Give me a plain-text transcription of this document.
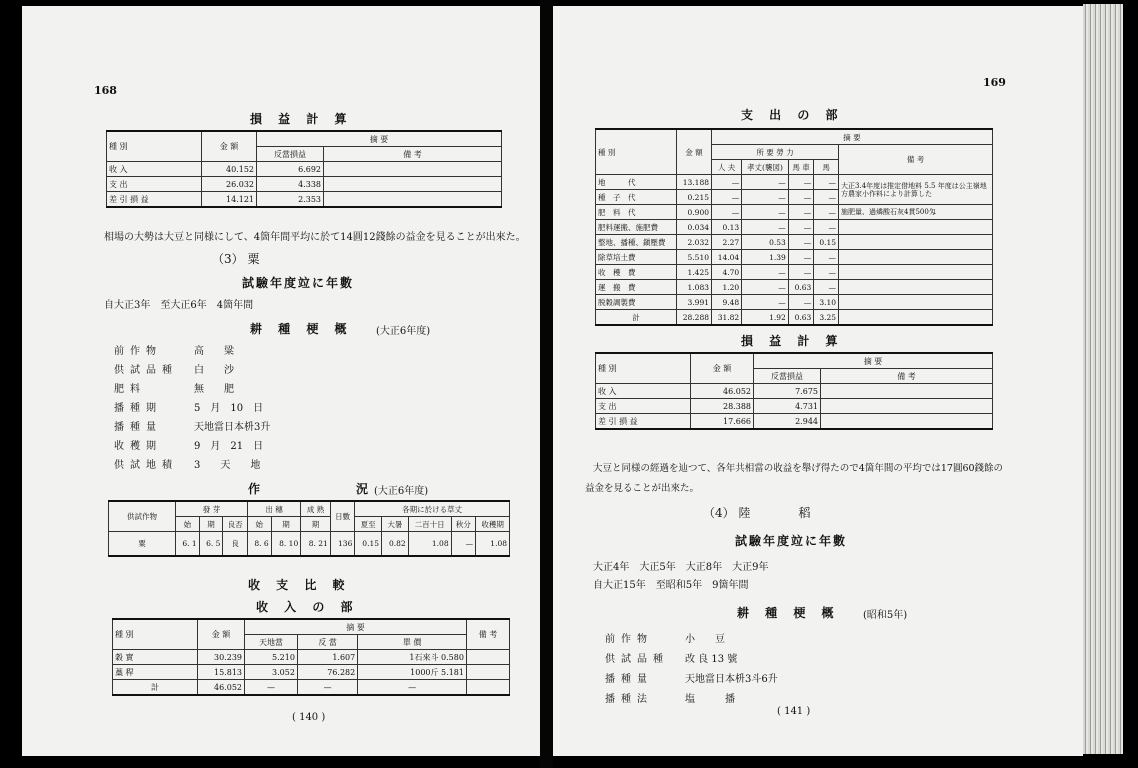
168
損 益 計 算
種 別	金 額	摘 要	
		反當損益	備 考
收 入	40.152	6.692	
支 出	26.032	4.338	
差 引 損 益	14.121	2.353	
相場の大勢は大豆と同様にして、4箇年間平均に於て14圓12錢餘の益金を見ることが出來た。
（3） 粟
試驗年度竝に年數
自大正3年　至大正6年　4箇年間
耕 種 梗 概 (大正6年度)
前作物	高　　粱
供試品種 白　　沙
肥料	無　　肥
播種期	5　月　10　日
播種量	天地當日本枡3升
收穫期	9　月　21　日
供試地積 3　　天　　地
作　　　　　況 (大正6年度)
供試作物	發 芽			出 穗		成 熟	日數	各期に於ける草丈				
	始	期	良否	始	期	期		夏至	大暑	二百十日	秋分	收穫期
粟	6. 1	6. 5	良	8. 6	8. 10	8. 21	136	0.15	0.82	1.08	—	1.08
收 支 比 較
收 入 の 部
種 別	金 額	摘 要			備 考
		天地當	反 當	單 價	
穀 實	30.239	5.210	1.607	1石來斗 0.580	
藁 稈	15.813	3.052	76.282	1000斤 5.181	
計	46.052	—	—	—	
( 140 )
169
支 出 の 部
種 別	金 額	摘 要				
		所 要 勞 力				備 考
		人 夫	孝丈(襲図)	馬 車	馬	
地　　　代	13.188	—	—	—	—	大正3.4年度は推定借地料 5.5 年度は公主嶺地方農家小作料により計算した
種　子　代	0.215	—	—	—	—	
肥　料　代	0.900	—	—	—	—	施肥量、過燐酸石灰4貫500匁
肥料運搬、施肥費	0.034	0.13	—	—	—	
整地、播種、鎭壓費	2.032	2.27	0.53	—	0.15	
除草培土費	5.510	14.04	1.39	—	—	
收　穫　費	1.425	4.70	—	—	—	
運　搬　費	1.083	1.20	—	0.63	—	
脱穀調製費	3.991	9.48	—	—	3.10	
計	28.288	31.82	1.92	0.63	3.25	
損 益 計 算
種 別	金 額	摘 要	
		反當損益	備 考
收 入	46.052	7.675	
支 出	28.388	4.731	
差 引 損 益	17.666	2.944	
大豆と同様の經過を辿つて、各年共相當の收益を舉げ得たので4箇年間の平均では17圓60錢餘の
益金を見ることが出來た。
（4） 陸　　　　稻
試驗年度竝に年數
大正4年　大正5年　大正8年　大正9年
自大正15年　至昭和5年　9箇年間
耕 種 梗 概 (昭和5年)
前作物	小　　豆
供試品種 改 良 13 號
播種量	天地當日本枡3斗6升
播種法	塩　　　播
( 141 )
